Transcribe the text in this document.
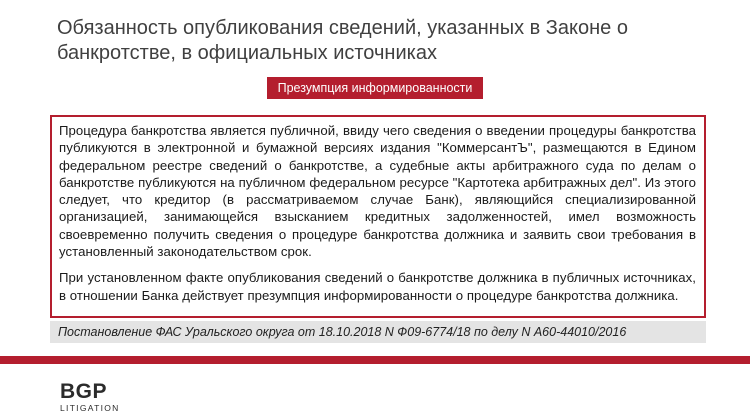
Обязанность опубликования сведений, указанных в Законе о банкротстве, в официальных источниках
Презумпция информированности

Процедура банкротства является публичной, ввиду чего сведения о введении процедуры банкротства публикуются в электронной и бумажной версиях издания "КоммерсантЪ", размещаются в Едином федеральном реестре сведений о банкротстве, а судебные акты арбитражного суда по делам о банкротстве публикуются на публичном федеральном ресурсе "Картотека арбитражных дел". Из этого следует, что кредитор (в рассматриваемом случае Банк), являющийся специализированной организацией, занимающейся взысканием кредитных задолженностей, имел возможность своевременно получить сведения о процедуре банкротства должника и заявить свои требования в установленный законодательством срок.

При установленном факте опубликования сведений о банкротстве должника в публичных источниках, в отношении Банка действует презумпция информированности о процедуре банкротства должника.

Постановление ФАС Уральского округа от 18.10.2018 N Ф09-6774/18 по делу N А60-44010/2016
BGP
LITIGATION
